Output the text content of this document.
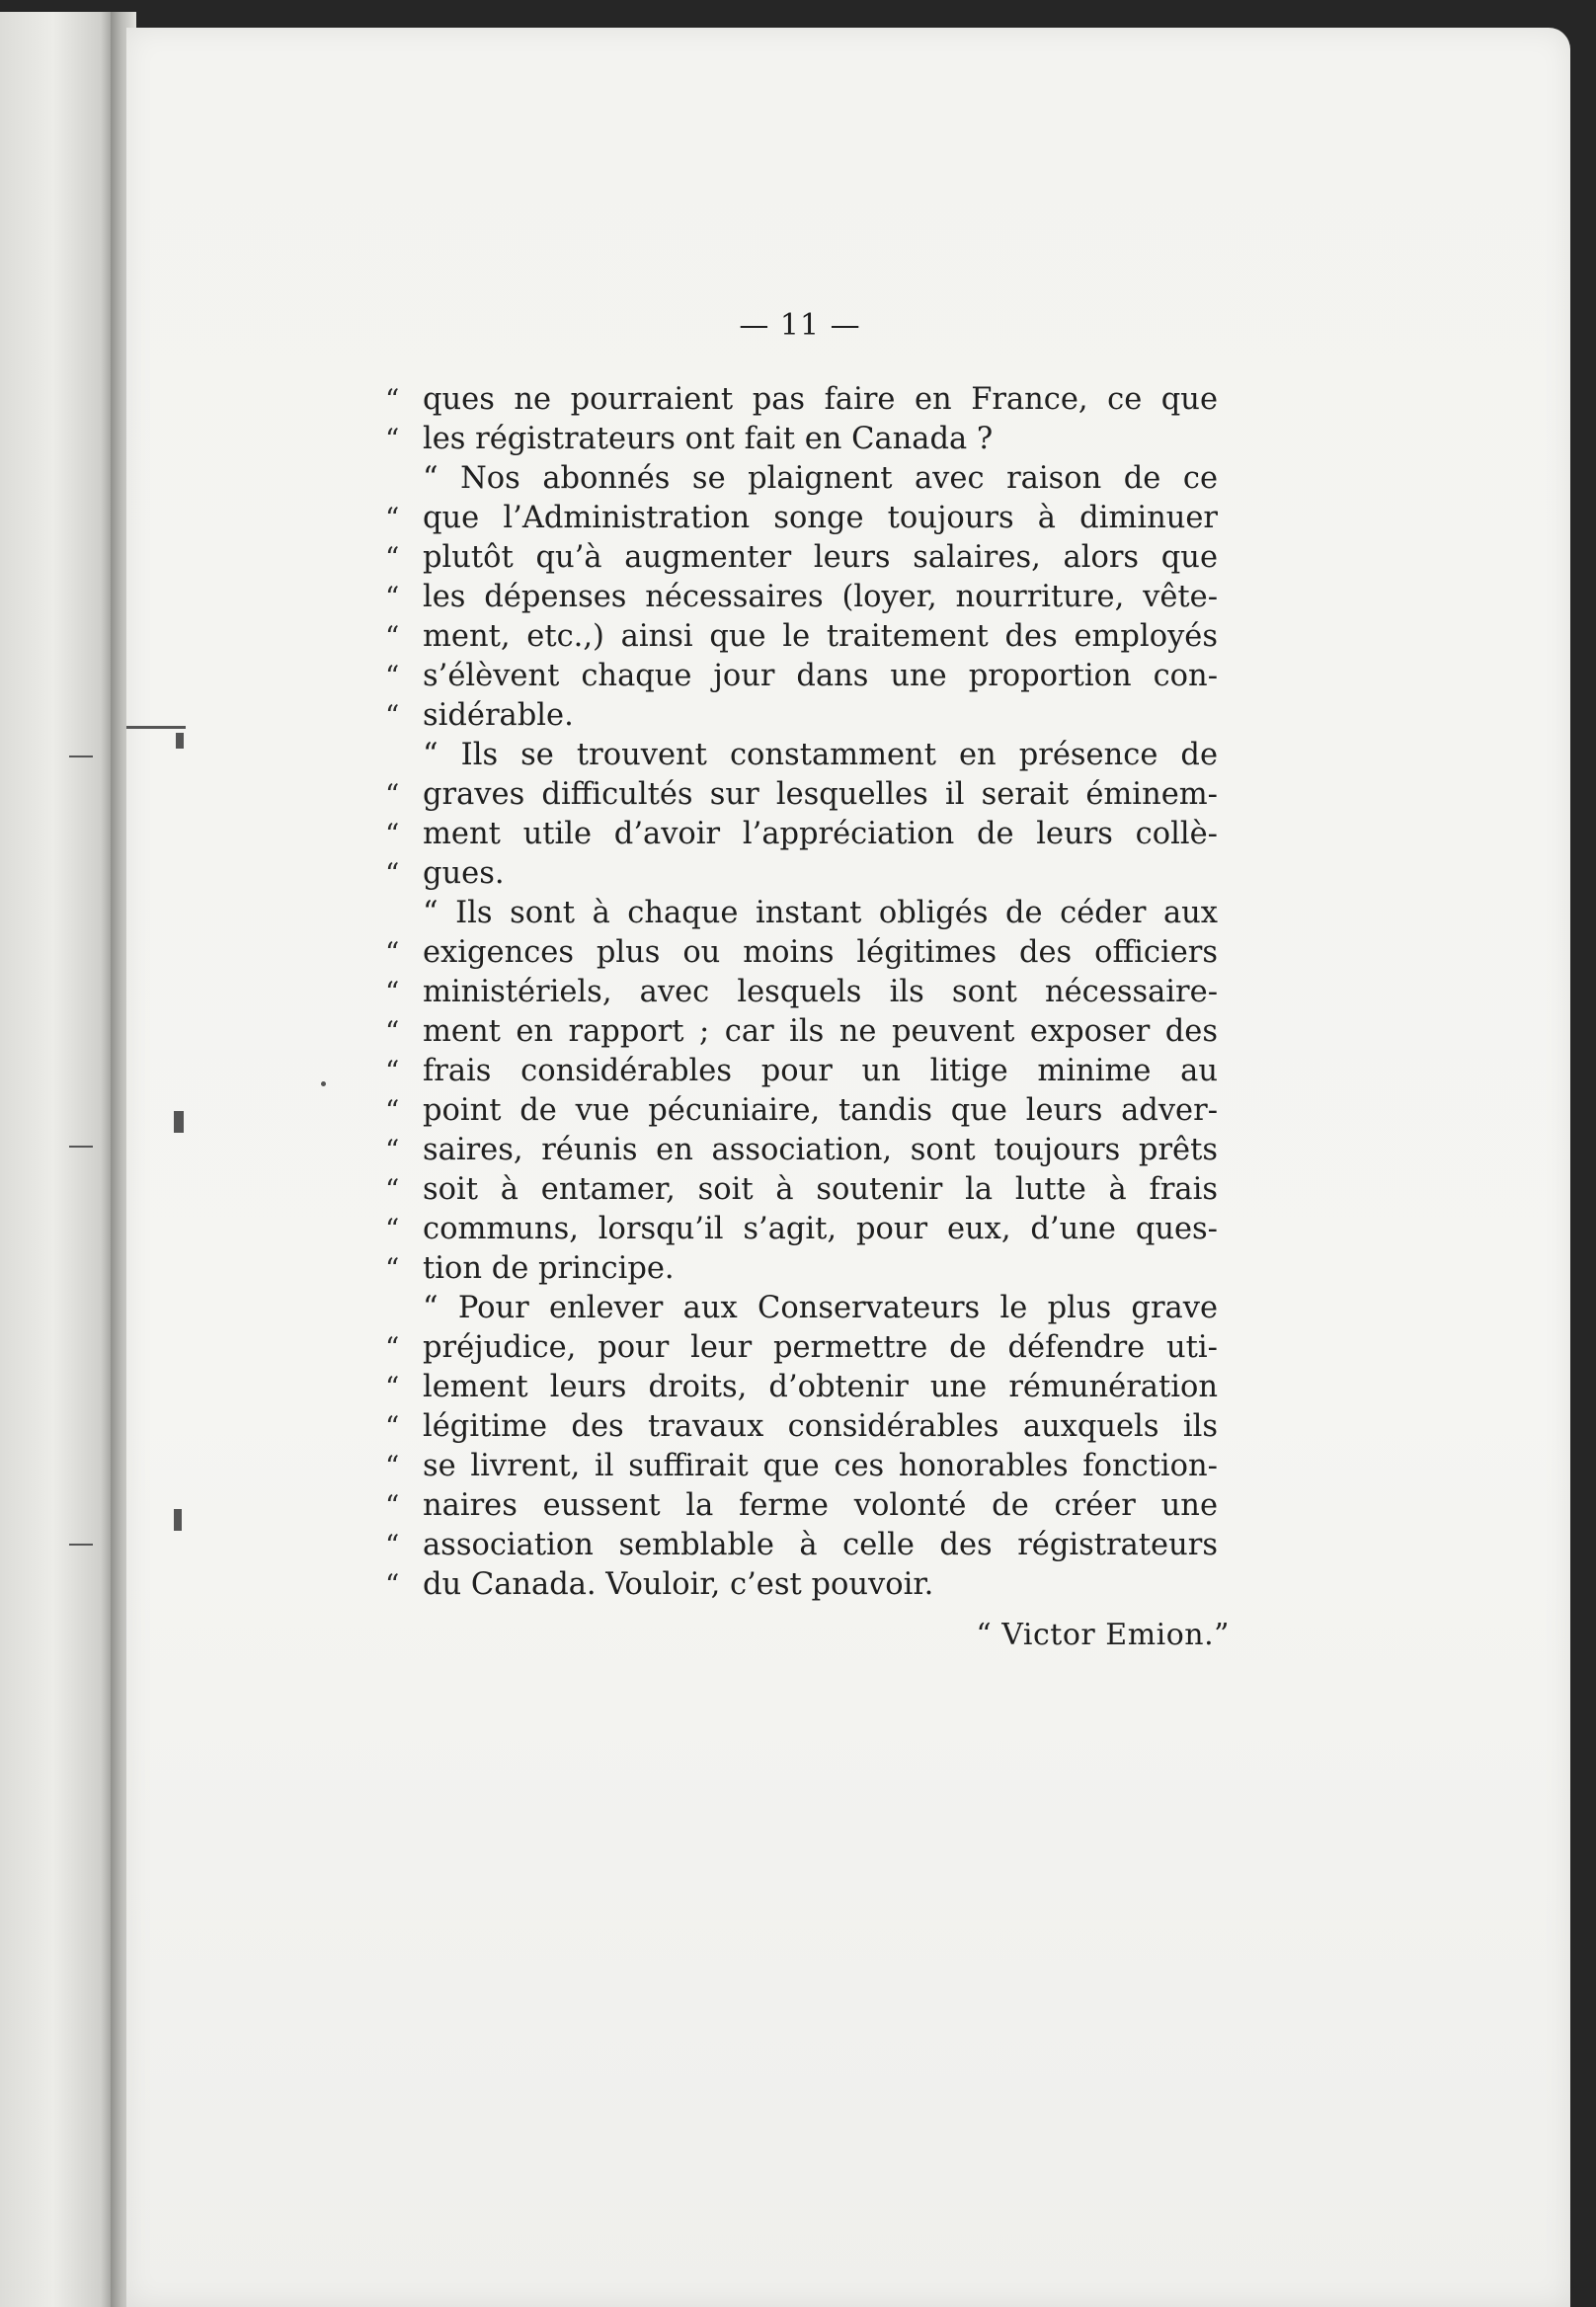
— 11 —
“
“
“
“
“
“
“
“
“
“
“
“
“
“
“
“
“
“
“
“
“
“
“
“
“
“
“
ques ne pourraient pas faire en France, ce que
les régistrateurs ont fait en Canada ?
“ Nos abonnés se plaignent avec raison de ce
que l’Administration songe toujours à diminuer
plutôt qu’à augmenter leurs salaires, alors que
les dépenses nécessaires (loyer, nourriture, vête-
ment, etc.,) ainsi que le traitement des employés
s’élèvent chaque jour dans une proportion con-
sidérable.
“ Ils se trouvent constamment en présence de
graves difficultés sur lesquelles il serait éminem-
ment utile d’avoir l’appréciation de leurs collè-
gues.
“ Ils sont à chaque instant obligés de céder aux
exigences plus ou moins légitimes des officiers
ministériels, avec lesquels ils sont nécessaire-
ment en rapport ; car ils ne peuvent exposer des
frais considérables pour un litige minime au
point de vue pécuniaire, tandis que leurs adver-
saires, réunis en association, sont toujours prêts
soit à entamer, soit à soutenir la lutte à frais
communs, lorsqu’il s’agit, pour eux, d’une ques-
tion de principe.
“ Pour enlever aux Conservateurs le plus grave
préjudice, pour leur permettre de défendre uti-
lement leurs droits, d’obtenir une rémunération
légitime des travaux considérables auxquels ils
se livrent, il suffirait que ces honorables fonction-
naires eussent la ferme volonté de créer une
association semblable à celle des régistrateurs
du Canada. Vouloir, c’est pouvoir.
“ Victor Emion.”
